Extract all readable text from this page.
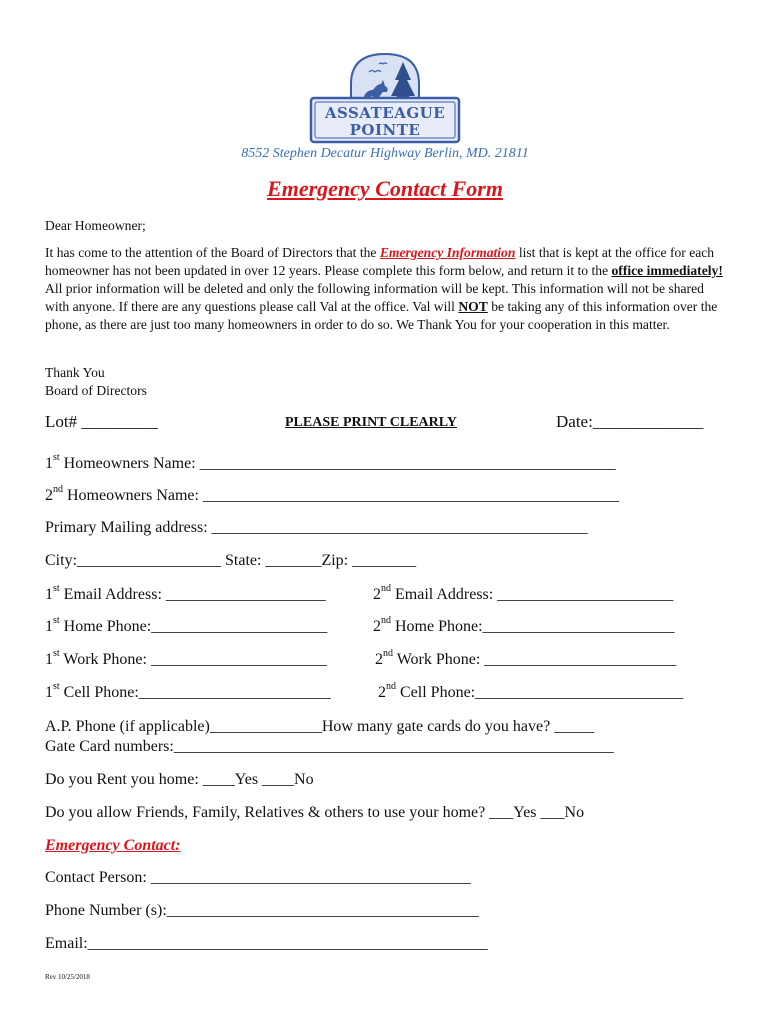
ASSATEAGUE
POINTE
8552 Stephen Decatur Highway Berlin, MD. 21811
Emergency Contact Form
Dear Homeowner;
It has come to the attention of the Board of Directors that the Emergency Information list that is kept at the office for each homeowner has not been updated in over 12 years. Please complete this form below, and return it to the office immediately! All prior information will be deleted and only the following information will be kept. This information will not be shared with anyone. If there are any questions please call Val at the office. Val will NOT be taking any of this information over the phone, as there are just too many homeowners in order to do so. We Thank You for your cooperation in this matter.
Thank You
Board of Directors
Lot# _________	PLEASE PRINT CLEARLY	Date:_____________
1st Homeowners Name: ____________________________________________________
2nd Homeowners Name: ____________________________________________________
Primary Mailing address: _______________________________________________
City:__________________ State: _______Zip: ________
1st Email Address: ____________________	2nd Email Address: ______________________
1st Home Phone:______________________	2nd Home Phone:________________________
1st Work Phone: ______________________	2nd Work Phone: ________________________
1st Cell Phone:________________________	2nd Cell Phone:__________________________
A.P. Phone (if applicable)______________How many gate cards do you have? _____
Gate Card numbers:_______________________________________________________
Do you Rent you home: ____Yes ____No
Do you allow Friends, Family, Relatives & others to use your home? ___Yes ___No
Emergency Contact:
Contact Person: ________________________________________
Phone Number (s):_______________________________________
Email:__________________________________________________
Rev 10/25/2018
